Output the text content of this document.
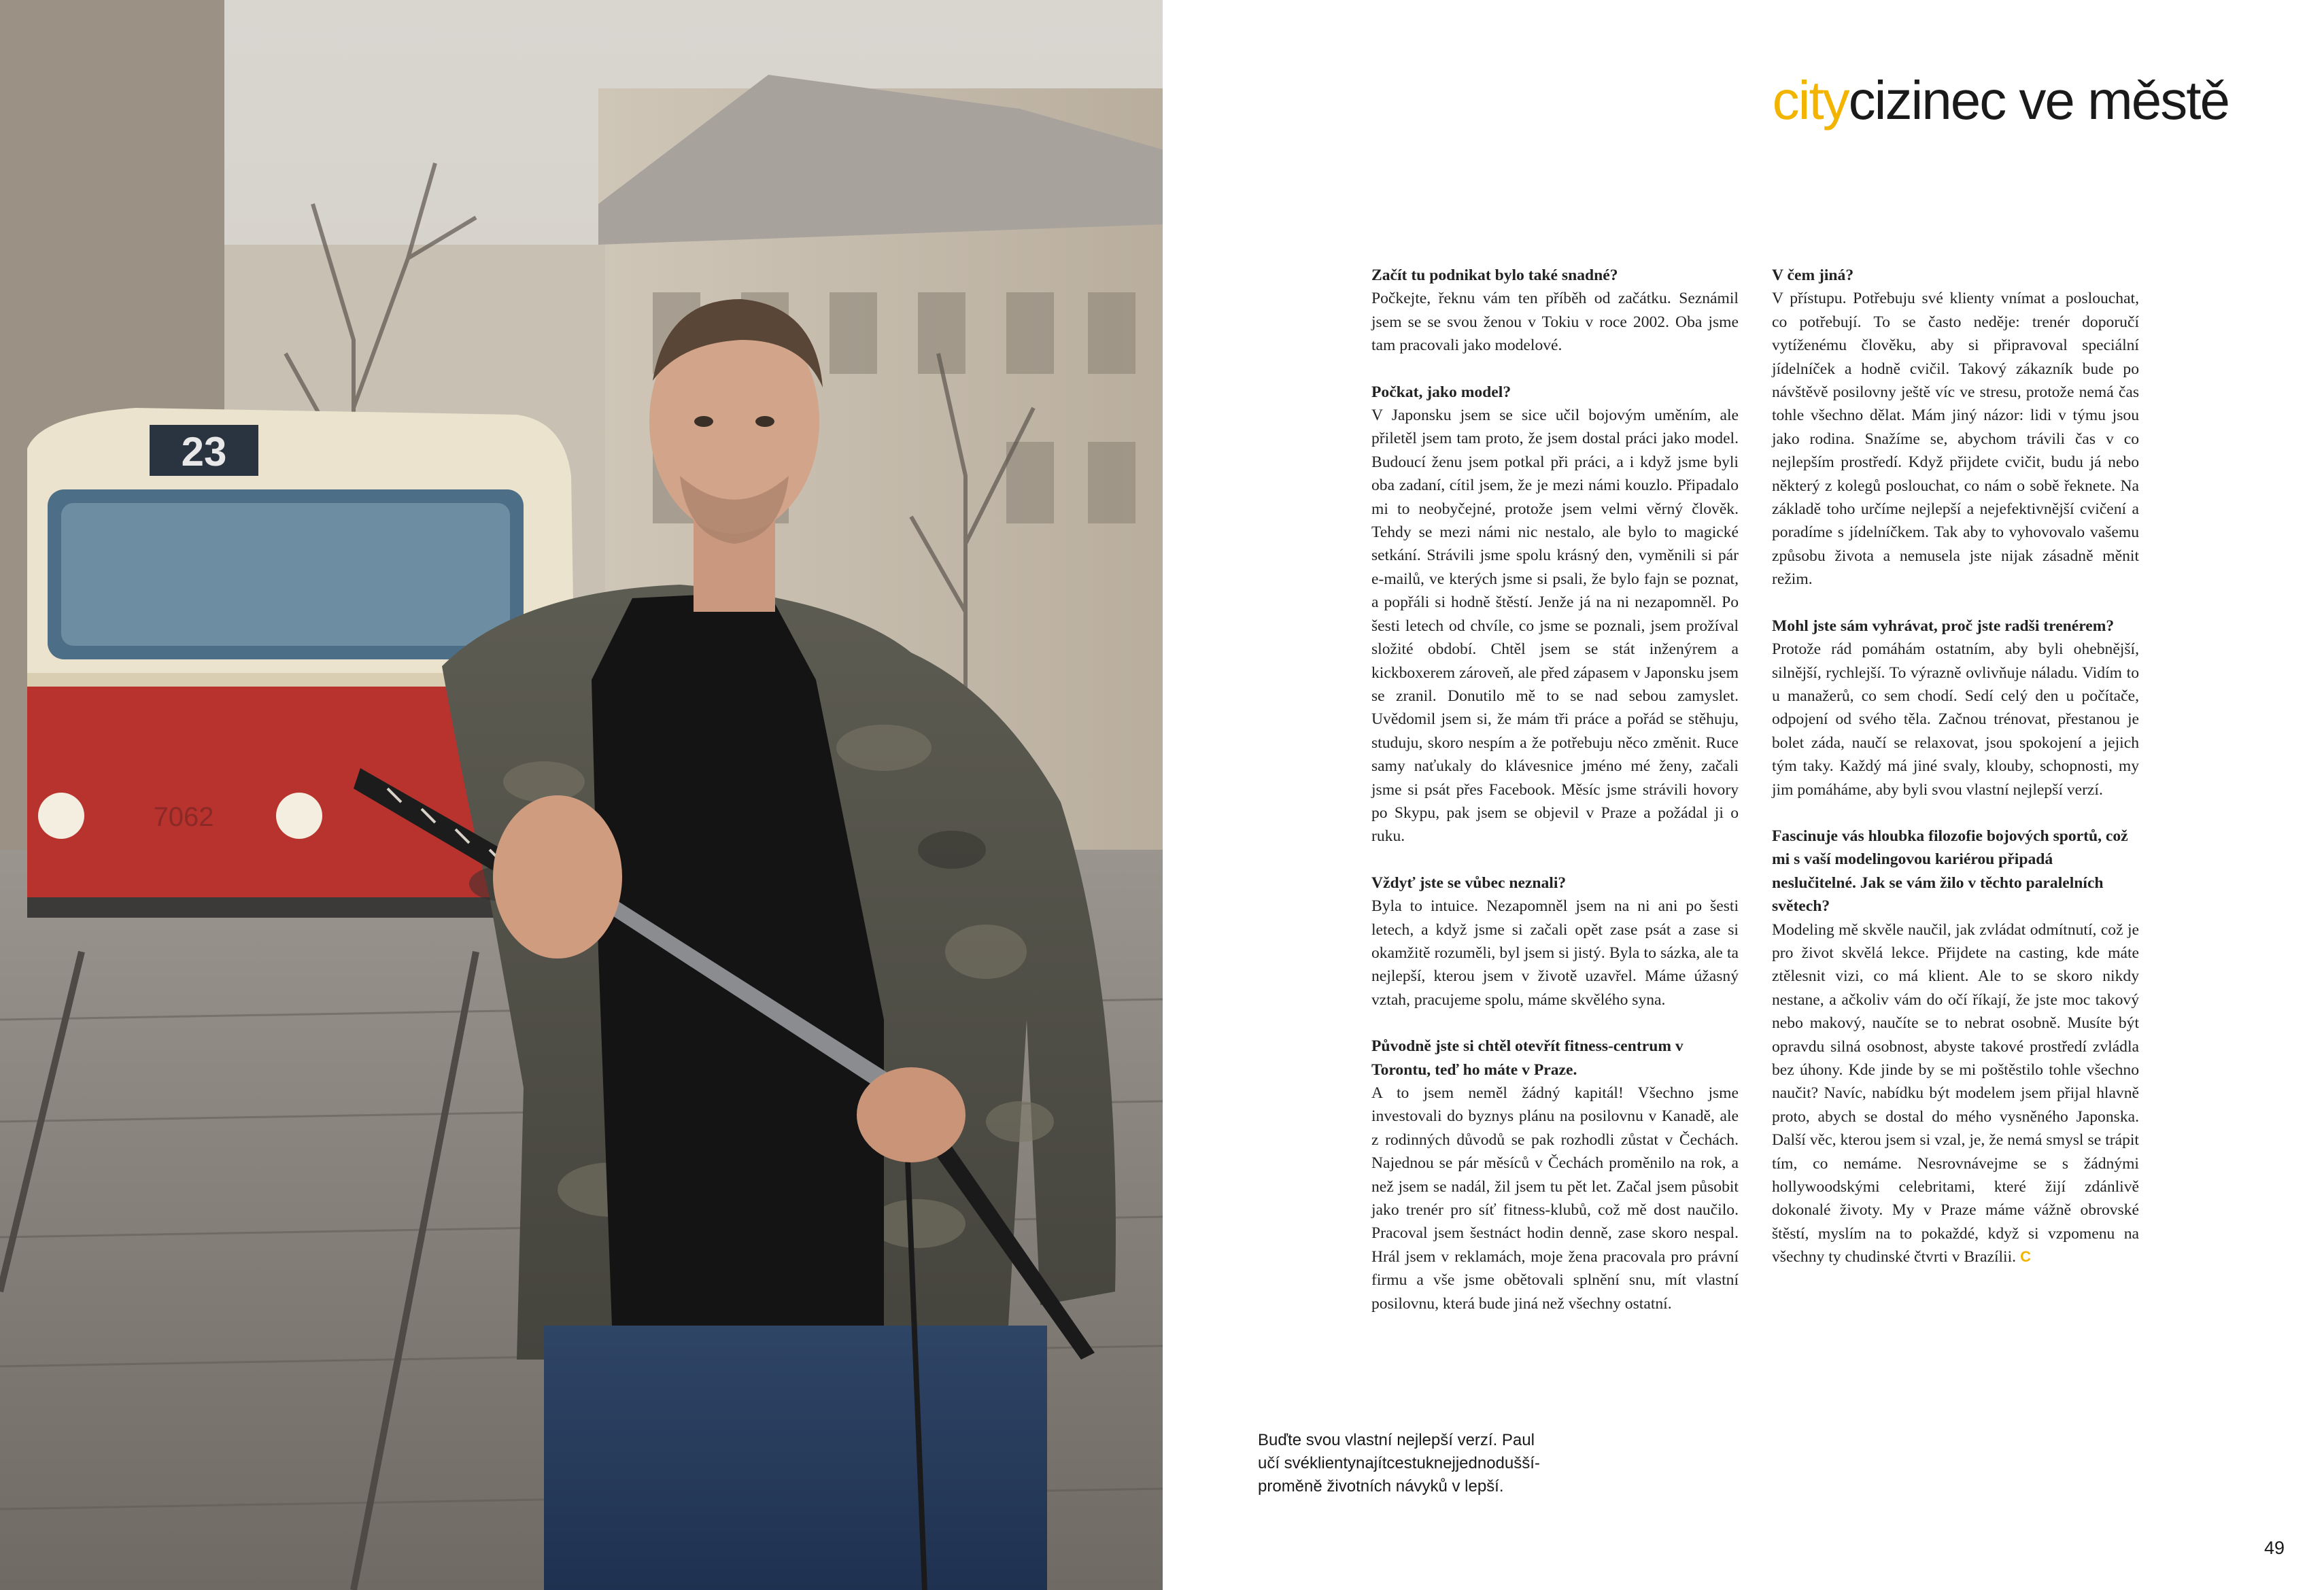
23
7062
citycizinec ve městě
Začít tu podnikat bylo také snadné?
Počkejte, řeknu vám ten příběh od začátku. Seznámil jsem se se svou ženou v Tokiu v roce 2002. Oba jsme tam pracovali jako modelové.
Počkat, jako model?
V Japonsku jsem se sice učil bojovým uměním, ale přiletěl jsem tam proto, že jsem dostal práci jako model. Budoucí ženu jsem potkal při práci, a i když jsme byli oba zadaní, cítil jsem, že je mezi námi kouzlo. Připadalo mi to neobyčejné, protože jsem velmi věrný člověk. Tehdy se mezi námi nic nestalo, ale bylo to magické setkání. Strávili jsme spolu krásný den, vyměnili si pár e-mailů, ve kterých jsme si psali, že bylo fajn se poznat, a popřáli si hodně štěstí. Jenže já na ni nezapomněl. Po šesti letech od chvíle, co jsme se poznali, jsem prožíval složité období. Chtěl jsem se stát inženýrem a kickboxerem zároveň, ale před zápasem v Japonsku jsem se zranil. Donutilo mě to se nad sebou zamyslet. Uvědomil jsem si, že mám tři práce a pořád se stěhuju, studuju, skoro nespím a že potřebuju něco změnit. Ruce samy naťukaly do klávesnice jméno mé ženy, začali jsme si psát přes Facebook. Měsíc jsme strávili hovory po Skypu, pak jsem se objevil v Praze a požádal ji o ruku.
Vždyť jste se vůbec neznali?
Byla to intuice. Nezapomněl jsem na ni ani po šesti letech, a když jsme si začali opět zase psát a zase si okamžitě rozuměli, byl jsem si jistý. Byla to sázka, ale ta nejlepší, kterou jsem v životě uzavřel. Máme úžasný vztah, pracujeme spolu, máme skvělého syna.
Původně jste si chtěl otevřít fitness-centrum v Torontu, teď ho máte v Praze.
A to jsem neměl žádný kapitál! Všechno jsme investovali do byznys plánu na posilovnu v Kanadě, ale z rodinných důvodů se pak rozhodli zůstat v Čechách. Najednou se pár měsíců v Čechách proměnilo na rok, a než jsem se nadál, žil jsem tu pět let. Začal jsem působit jako trenér pro síť fitness-klubů, což mě dost naučilo. Pracoval jsem šestnáct hodin denně, zase skoro nespal. Hrál jsem v reklamách, moje žena pracovala pro právní firmu a vše jsme obětovali splnění snu, mít vlastní posilovnu, která bude jiná než všechny ostatní.
V čem jiná?
V přístupu. Potřebuju své klienty vnímat a poslouchat, co potřebují. To se často neděje: trenér doporučí vytíženému člověku, aby si připravoval speciální jídelníček a hodně cvičil. Takový zákazník bude po návštěvě posilovny ještě víc ve stresu, protože nemá čas tohle všechno dělat. Mám jiný názor: lidi v týmu jsou jako rodina. Snažíme se, abychom trávili čas v co nejlepším prostředí. Když přijdete cvičit, budu já nebo některý z kolegů poslouchat, co nám o sobě řeknete. Na základě toho určíme nejlepší a nejefektivnější cvičení a poradíme s jídelníčkem. Tak aby to vyhovovalo vašemu způsobu života a nemusela jste nijak zásadně měnit režim.
Mohl jste sám vyhrávat, proč jste radši trenérem?
Protože rád pomáhám ostatním, aby byli ohebnější, silnější, rychlejší. To výrazně ovlivňuje náladu. Vidím to u manažerů, co sem chodí. Sedí celý den u počítače, odpojení od svého těla. Začnou trénovat, přestanou je bolet záda, naučí se relaxovat, jsou spokojení a jejich tým taky. Každý má jiné svaly, klouby, schopnosti, my jim pomáháme, aby byli svou vlastní nejlepší verzí.
Fascinuje vás hloubka filozofie bojových sportů, což mi s vaší modelingovou kariérou připadá neslučitelné. Jak se vám žilo v těchto paralelních světech?
Modeling mě skvěle naučil, jak zvládat odmítnutí, což je pro život skvělá lekce. Přijdete na casting, kde máte ztělesnit vizi, co má klient. Ale to se skoro nikdy nestane, a ačkoliv vám do očí říkají, že jste moc takový nebo makový, naučíte se to nebrat osobně. Musíte být opravdu silná osobnost, abyste takové prostředí zvládla bez úhony. Kde jinde by se mi poštěstilo tohle všechno naučit? Navíc, nabídku být modelem jsem přijal hlavně proto, abych se dostal do mého vysněného Japonska. Další věc, kterou jsem si vzal, je, že nemá smysl se trápit tím, co nemáme. Nesrovnávejme se s žádnými hollywoodskými celebritami, které žijí zdánlivě dokonalé životy. My v Praze máme vážně obrovské štěstí, myslím na to pokaždé, když si vzpomenu na všechny ty chudinské čtvrti v Brazílii. C
Buďte svou vlastní nejlepší verzí. Paul učí svéklientynajítcestuknejjednoduššíproměně životních návyků v lepší.
49
